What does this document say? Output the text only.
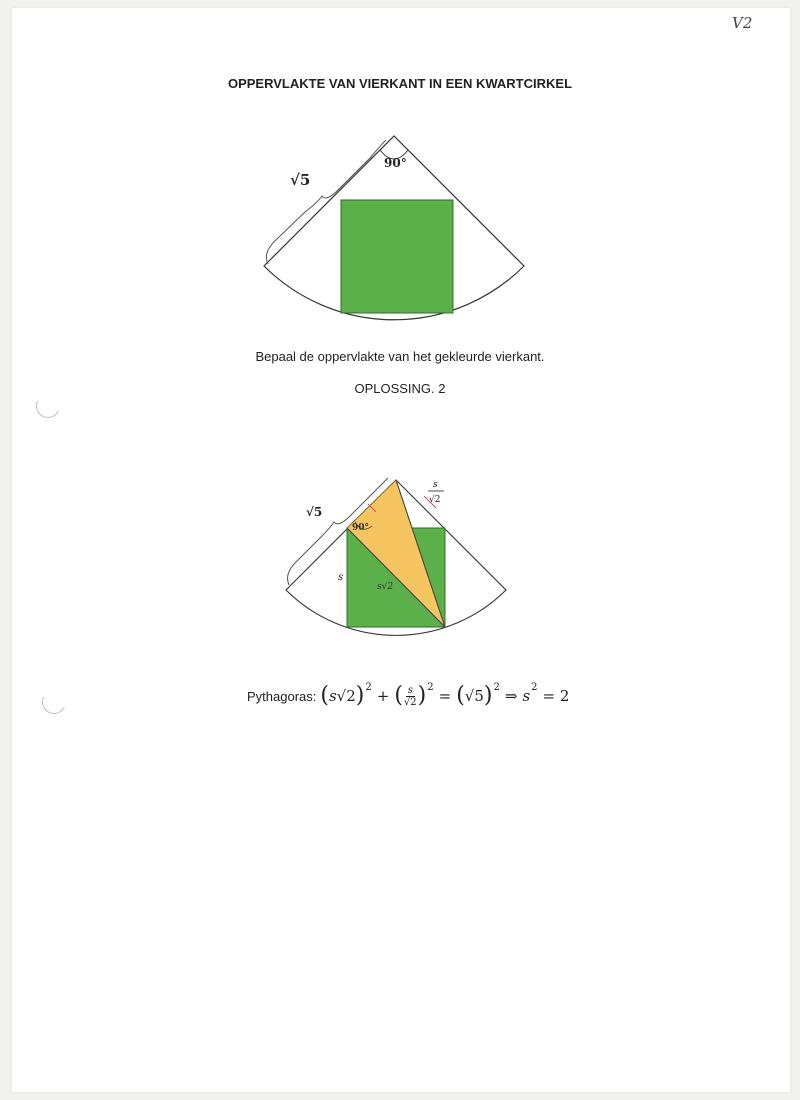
V2
OPPERVLAKTE VAN VIERKANT IN EEN KWARTCIRKEL
√5
90°
Bepaal de oppervlakte van het gekleurde vierkant.
OPLOSSING. 2
√5
90°
s
s√2
s
√2
Pythagoras: ( s √2 ) 2 + ( $\frac{s}{√2}$ ) 2 = ( √5 ) 2 ⇒ s 2 = 2
